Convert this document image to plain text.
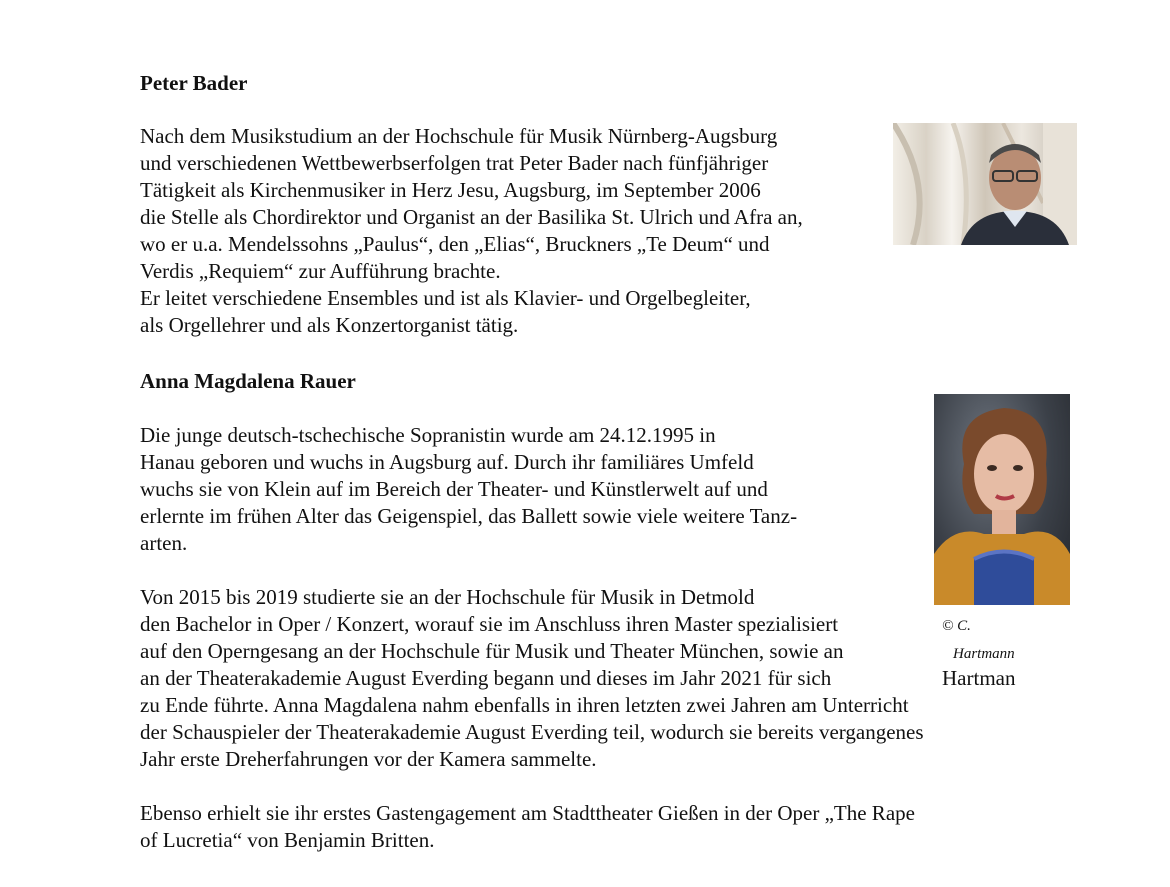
Peter Bader
Nach dem Musikstudium an der Hochschule für Musik Nürnberg-Augsburg
und verschiedenen Wettbewerbserfolgen trat Peter Bader nach fünfjähriger
Tätigkeit als Kirchenmusiker in Herz Jesu, Augsburg, im September 2006
die Stelle als Chordirektor und Organist an der Basilika St. Ulrich und Afra an,
wo er u.a. Mendelssohns „Paulus“, den „Elias“, Bruckners „Te Deum“ und
Verdis „Requiem“ zur Aufführung brachte.
Er leitet verschiedene Ensembles und ist als Klavier- und Orgelbegleiter,
als Orgellehrer und als Konzertorganist tätig.
Anna Magdalena Rauer
Die junge deutsch-tschechische Sopranistin wurde am 24.12.1995 in
Hanau geboren und wuchs in Augsburg auf. Durch ihr familiäres Umfeld
wuchs sie von Klein auf im Bereich der Theater- und Künstlerwelt auf und
erlernte im frühen Alter das Geigenspiel, das Ballett sowie viele weitere Tanz-
arten.
Von 2015 bis 2019 studierte sie an der Hochschule für Musik in Detmold
den Bachelor in Oper / Konzert, worauf sie im Anschluss ihren Master spezialisiert
auf den Operngesang an der Hochschule für Musik und Theater München, sowie an
an der Theaterakademie August Everding begann und dieses im Jahr 2021 für sich
zu Ende führte. Anna Magdalena nahm ebenfalls in ihren letzten zwei Jahren am Unterricht
der Schauspieler der Theaterakademie August Everding teil, wodurch sie bereits vergangenes
Jahr erste Dreherfahrungen vor der Kamera sammelte.
© C.
Hartmann
Hartman
Ebenso erhielt sie ihr erstes Gastengagement am Stadttheater Gießen in der Oper „The Rape
of Lucretia“ von Benjamin Britten.
